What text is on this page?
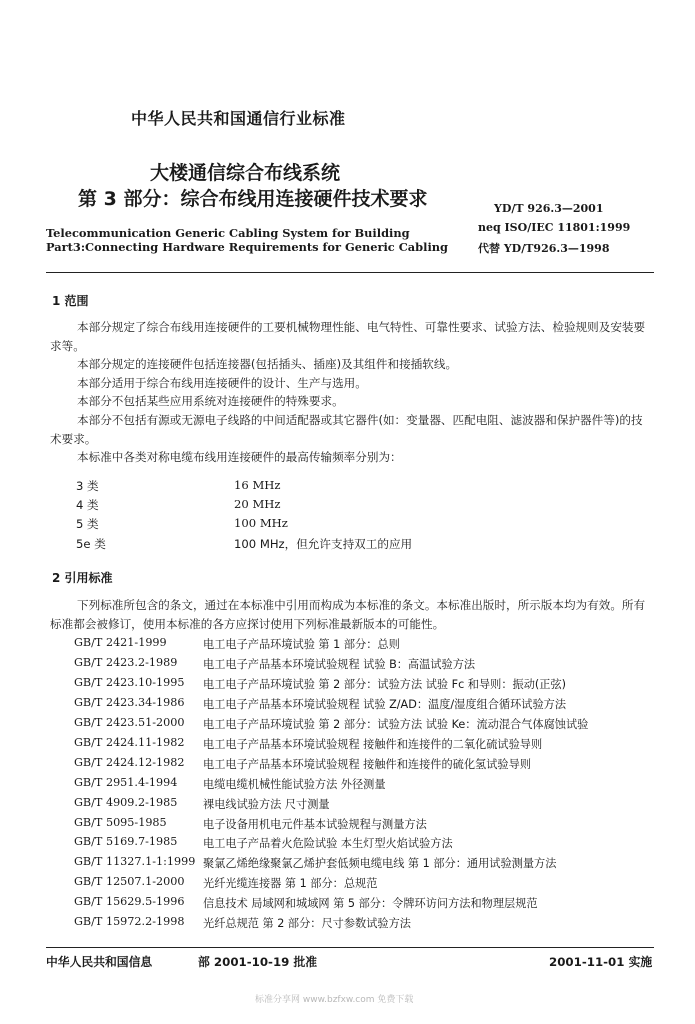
中华人民共和国通信行业标准
大楼通信综合布线系统
第 3 部分：综合布线用连接硬件技术要求
Telecommunication Generic Cabling System for Building
Part3:Connecting Hardware Requirements for Generic Cabling
YD/T 926.3—2001
neq ISO/IEC 11801:1999
代替 YD/T926.3—1998
1 范围

本部分规定了综合布线用连接硬件的工要机械物理性能、电气特性、可靠性要求、试验方法、检验规则及安装要求等。

本部分规定的连接硬件包括连接器(包括插头、插座)及其组件和接插软线。

本部分适用于综合布线用连接硬件的设计、生产与选用。

本部分不包括某些应用系统对连接硬件的特殊要求。

本部分不包括有源或无源电子线路的中间适配器或其它器件(如：变量器、匹配电阻、滤波器和保护器件等)的技术要求。

本标准中各类对称电缆布线用连接硬件的最高传输频率分别为：

3 类	16 MHz
4 类	20 MHz
5 类	100 MHz
5e 类	100 MHz，但允许支持双工的应用
2 引用标准

下列标准所包含的条文，通过在本标准中引用而构成为本标准的条文。本标准出版时，所示版本均为有效。所有标准都会被修订，使用本标准的各方应探讨使用下列标准最新版本的可能性。

GB/T 2421-1999	电工电子产品环境试验 第 1 部分：总则
GB/T 2423.2-1989 电工电子产品基本环境试验规程 试验 B：高温试验方法
GB/T 2423.10-1995 电工电子产品环境试验 第 2 部分：试验方法 试验 Fc 和导则：振动(正弦)
GB/T 2423.34-1986 电工电子产品基本环境试验规程 试验 Z/AD：温度/湿度组合循环试验方法
GB/T 2423.51-2000 电工电子产品环境试验 第 2 部分：试验方法 试验 Ke：流动混合气体腐蚀试验
GB/T 2424.11-1982 电工电子产品基本环境试验规程 接触件和连接件的二氧化硫试验导则
GB/T 2424.12-1982 电工电子产品基本环境试验规程 接触件和连接件的硫化氢试验导则
GB/T 2951.4-1994 电缆电缆机械性能试验方法 外径测量
GB/T 4909.2-1985 裸电线试验方法 尺寸测量
GB/T 5095-1985	电子设备用机电元件基本试验规程与测量方法
GB/T 5169.7-1985 电工电子产品着火危险试验 本生灯型火焰试验方法
GB/T 11327.1-1:1999 聚氯乙烯绝缘聚氯乙烯护套低频电缆电线 第 1 部分：通用试验测量方法
GB/T 12507.1-2000 光纤光缆连接器 第 1 部分：总规范
GB/T 15629.5-1996 信息技术 局域网和城域网 第 5 部分：令牌环访问方法和物理层规范
GB/T 15972.2-1998 光纤总规范 第 2 部分：尺寸参数试验方法
中华人民共和国信息	部 2001-10-19 批准	2001-11-01 实施
标准分享网 www.bzfxw.com 免费下载
